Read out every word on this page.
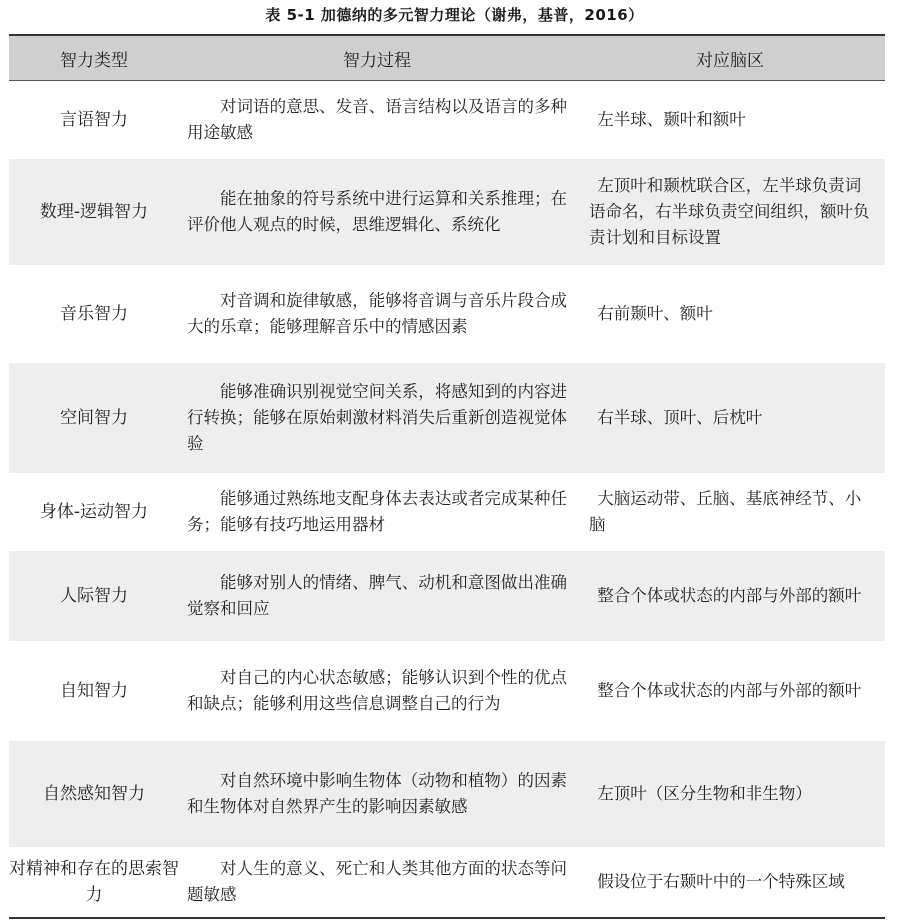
表 5-1 加德纳的多元智力理论（谢弗，基普，2016）
智力类型	智力过程	对应脑区
言语智力
对词语的意思、发音、语言结构以及语言的多种用途敏感
左半球、颞叶和额叶
数理-逻辑智力
能在抽象的符号系统中进行运算和关系推理；在评价他人观点的时候，思维逻辑化、系统化
左顶叶和颞枕联合区，左半球负责词语命名，右半球负责空间组织，额叶负责计划和目标设置
音乐智力
对音调和旋律敏感，能够将音调与音乐片段合成大的乐章；能够理解音乐中的情感因素
右前颞叶、额叶
空间智力
能够准确识别视觉空间关系，将感知到的内容进行转换；能够在原始刺激材料消失后重新创造视觉体验
右半球、顶叶、后枕叶
身体-运动智力
能够通过熟练地支配身体去表达或者完成某种任务；能够有技巧地运用器材
大脑运动带、丘脑、基底神经节、小脑
人际智力
能够对别人的情绪、脾气、动机和意图做出准确觉察和回应
整合个体或状态的内部与外部的额叶
自知智力
对自己的内心状态敏感；能够认识到个性的优点和缺点；能够利用这些信息调整自己的行为
整合个体或状态的内部与外部的额叶
自然感知智力
对自然环境中影响生物体（动物和植物）的因素和生物体对自然界产生的影响因素敏感
左顶叶（区分生物和非生物）
对精神和存在的思索智力
对人生的意义、死亡和人类其他方面的状态等问题敏感
假设位于右颞叶中的一个特殊区域
